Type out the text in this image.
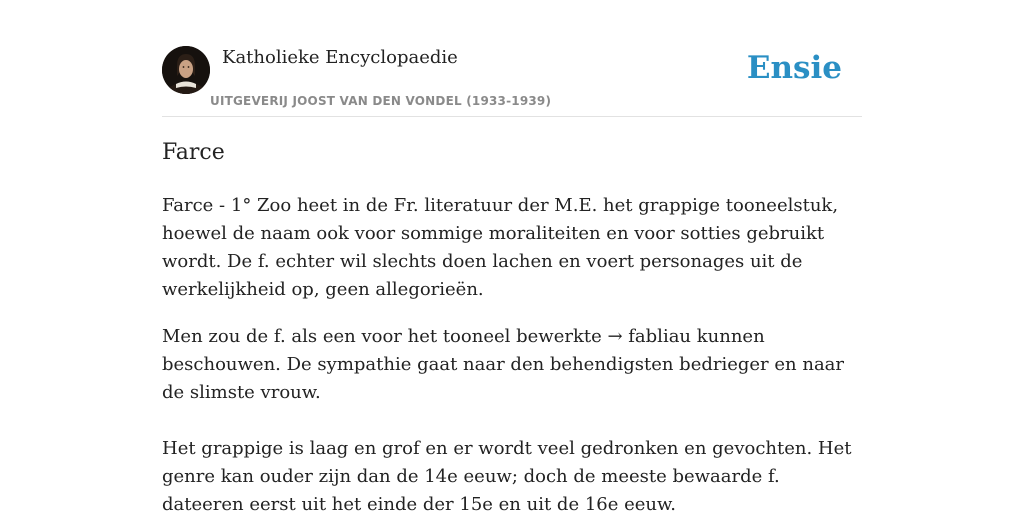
Katholieke Encyclopaedie
UITGEVERIJ JOOST VAN DEN VONDEL (1933-1939)
Ensie
Farce

Farce - 1° Zoo heet in de Fr. literatuur der M.E. het grappige tooneelstuk, hoewel de naam ook voor sommige moraliteiten en voor sotties gebruikt wordt. De f. echter wil slechts doen lachen en voert personages uit de werkelijkheid op, geen allegorieën.

Men zou de f. als een voor het tooneel bewerkte → fabliau kunnen beschouwen. De sympathie gaat naar den behendigsten bedrieger en naar de slimste vrouw.

Het grappige is laag en grof en er wordt veel gedronken en gevochten. Het genre kan ouder zijn dan de 14e eeuw; doch de meeste bewaarde f. dateeren eerst uit het einde der 15e en uit de 16e eeuw.
